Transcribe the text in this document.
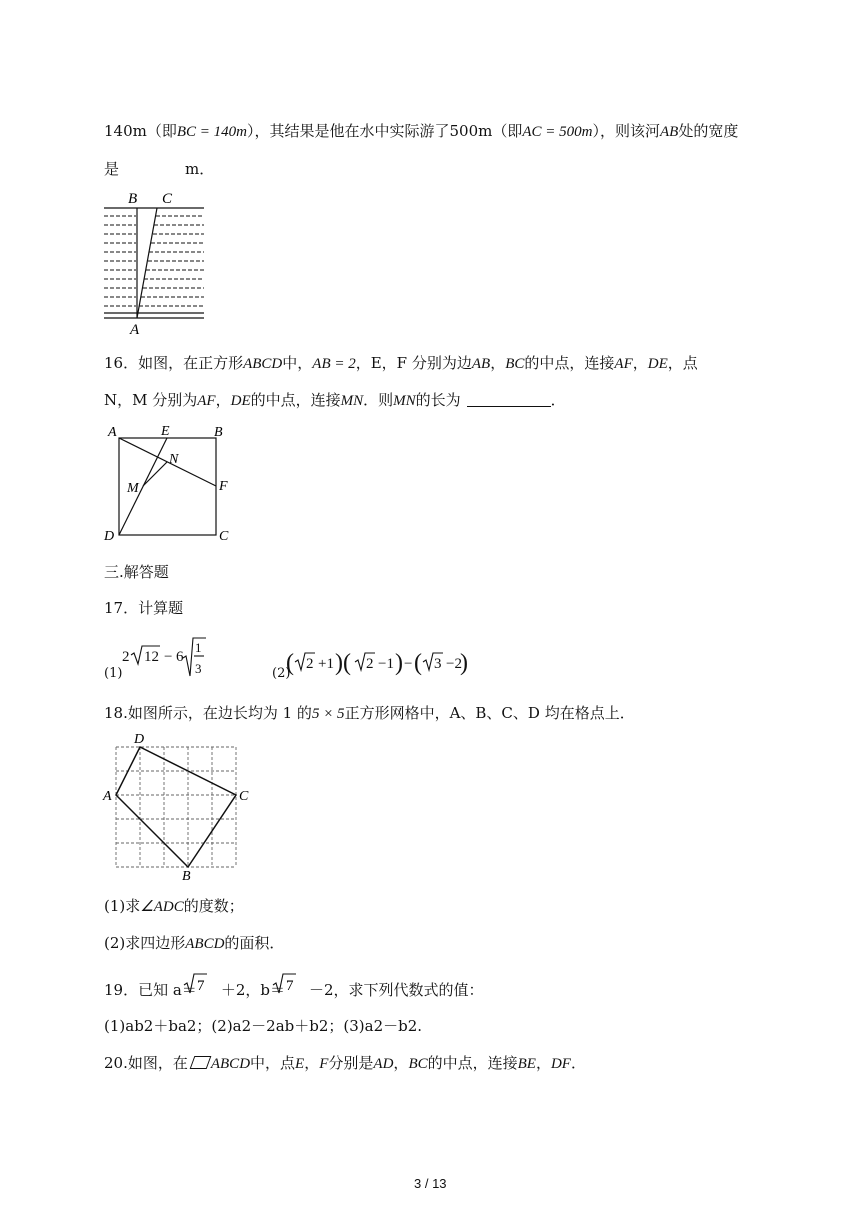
140m（即BC = 140m），其结果是他在水中实际游了500m（即AC = 500m），则该河AB处的宽度
是	m．
B C
A
16．如图，在正方形ABCD中，AB = 2，E，F 分别为边AB，BC的中点，连接AF，DE，点
N，M 分别为AF，DE的中点，连接MN．则MN的长为	．
A	E	B
N
M	F
D	C
三.解答题
17．计算题
(1)
2 12 − 6
1
3	(2)
( 2 +1 )( 2 −1 ) − ( 3 −2
)
18.如图所示，在边长均为 1 的5 × 5正方形网格中，A、B、C、D 均在格点上．
D
A	C
B
(1)求∠ADC的度数；
(2)求四边形ABCD的面积．
19．已知 a＝ ＋2，b＝ －2，求下列代数式的值：
7	7
(1)ab2＋ba2；(2)a2－2ab＋b2；(3)a2－b2.
20.如图，在 ABCD中，点E，F分别是AD，BC的中点，连接BE，DF．
3 / 13
